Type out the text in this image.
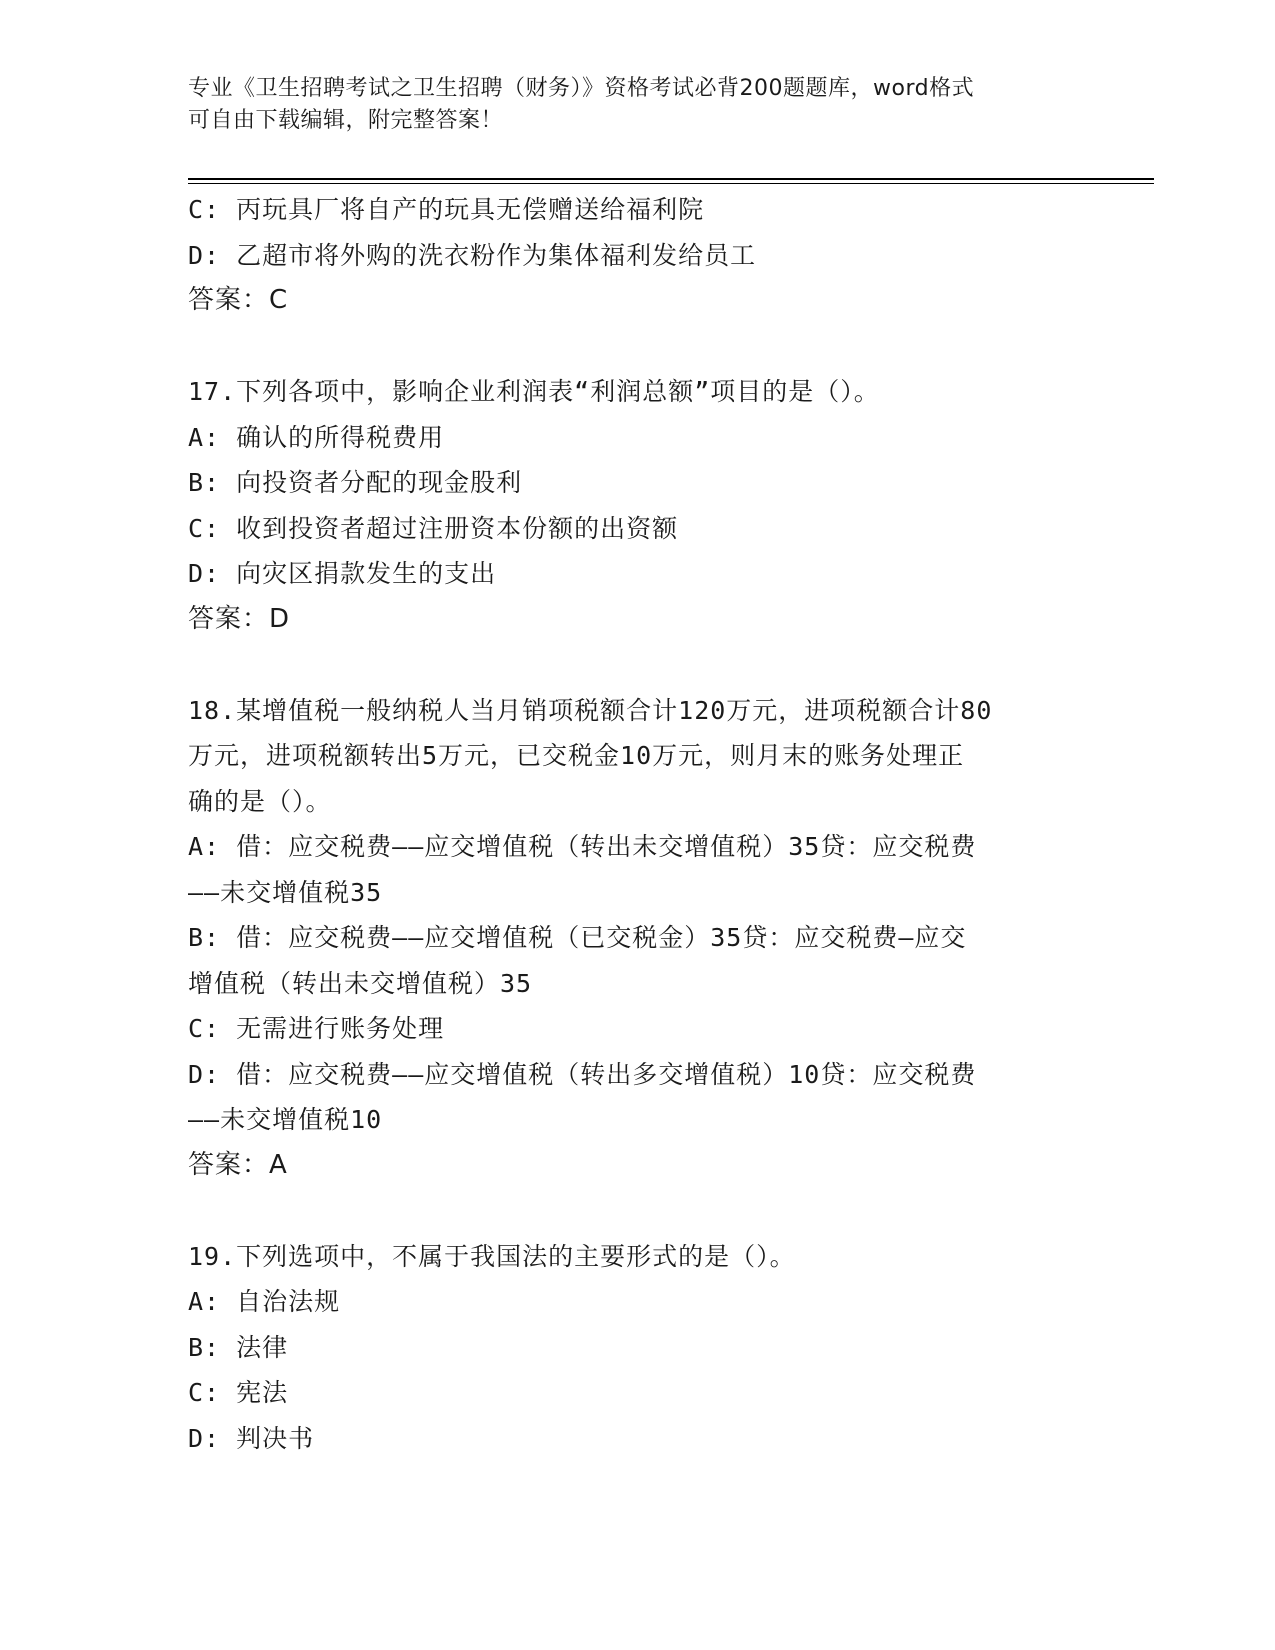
专业《卫生招聘考试之卫生招聘（财务）》资格考试必背200题题库，word格式
可自由下载编辑，附完整答案！
C: 丙玩具厂将自产的玩具无偿赠送给福利院
D: 乙超市将外购的洗衣粉作为集体福利发给员工
答案：C
17.下列各项中，影响企业利润表“利润总额”项目的是（）。
A: 确认的所得税费用
B: 向投资者分配的现金股利
C: 收到投资者超过注册资本份额的出资额
D: 向灾区捐款发生的支出
答案：D
18.某增值税一般纳税人当月销项税额合计120万元，进项税额合计80
万元，进项税额转出5万元，已交税金10万元，则月末的账务处理正
确的是（）。
A: 借：应交税费——应交增值税（转出未交增值税）35贷：应交税费
——未交增值税35
B: 借：应交税费——应交增值税（已交税金）35贷：应交税费—应交
增值税（转出未交增值税）35
C: 无需进行账务处理
D: 借：应交税费——应交增值税（转出多交增值税）10贷：应交税费
——未交增值税10
答案：A
19.下列选项中，不属于我国法的主要形式的是（）。
A: 自治法规
B: 法律
C: 宪法
D: 判决书
